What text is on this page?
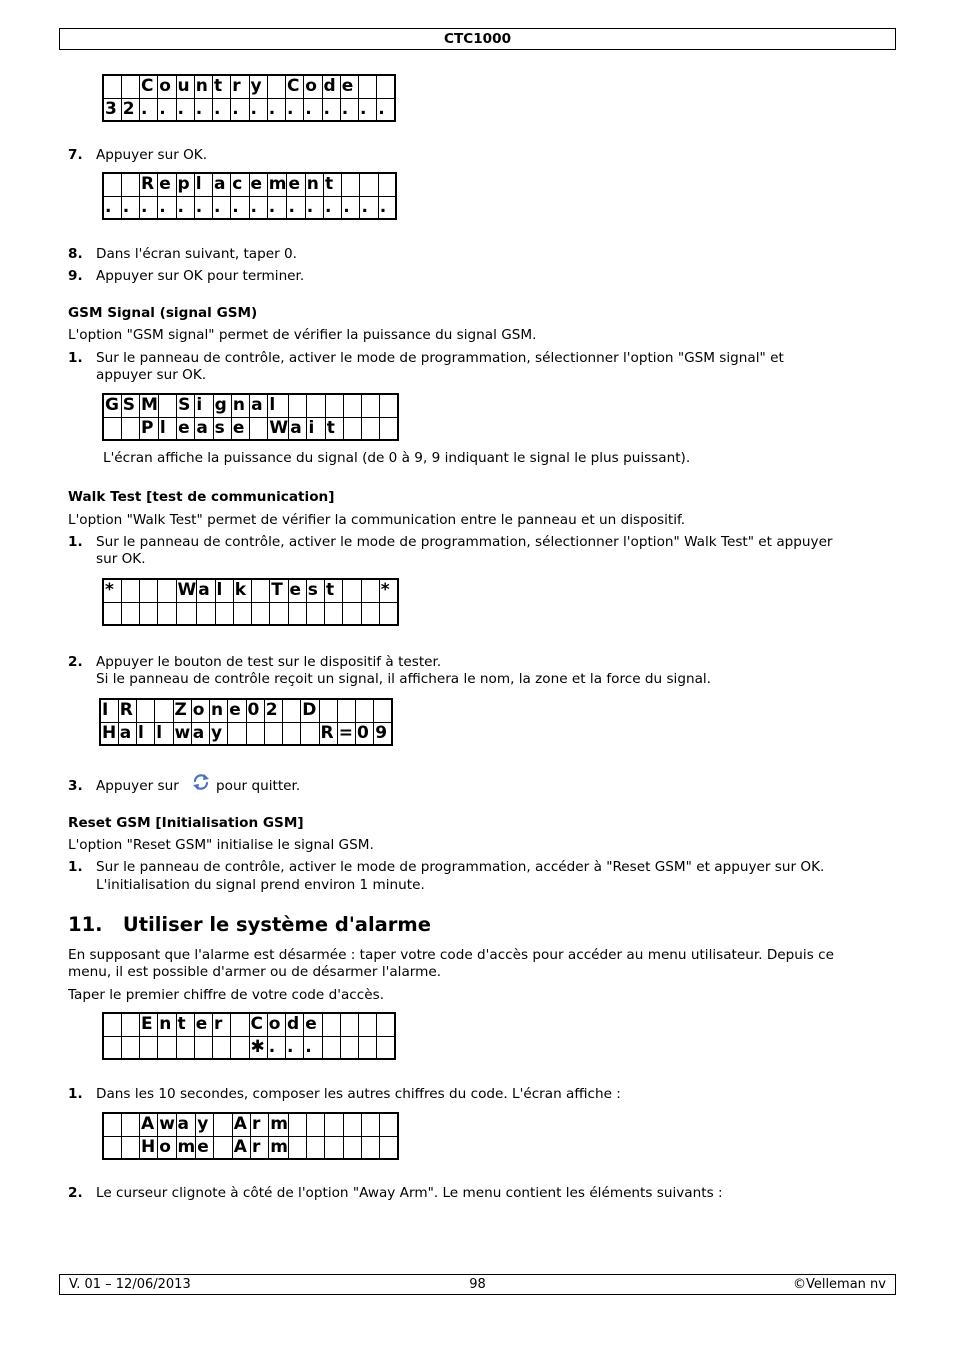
CTC1000
		C	o	u	n	t	r	y		C	o	d	e		
3	2	.	.	.	.	.	.	.	.	.	.	.	.	.	.
7. Appuyer sur OK.
		R	e	p	l	a	c	e	m	e	n	t			
.	.	.	.	.	.	.	.	.	.	.	.	.	.	.	.
8. Dans l'écran suivant, taper 0.
9. Appuyer sur OK pour terminer.
GSM Signal (signal GSM)
L'option "GSM signal" permet de vérifier la puissance du signal GSM.
1. Sur le panneau de contrôle, activer le mode de programmation, sélectionner l'option "GSM signal" et
appuyer sur OK.
G	S	M		S	i	g	n	a	l						
		P	l	e	a	s	e		W	a	i	t			
L'écran affiche la puissance du signal (de 0 à 9, 9 indiquant le signal le plus puissant).
Walk Test [test de communication]
L'option "Walk Test" permet de vérifier la communication entre le panneau et un dispositif.
1. Sur le panneau de contrôle, activer le mode de programmation, sélectionner l'option" Walk Test" et appuyer
sur OK.
*				W	a	l	k		T	e	s	t			*

2. Appuyer le bouton de test sur le dispositif à tester.
Si le panneau de contrôle reçoit un signal, il affichera le nom, la zone et la force du signal.
I	R			Z	o	n	e	0	2		D				
H	a	l	l	w	a	y						R	=	0	9
3. Appuyer sur	pour quitter.
Reset GSM [Initialisation GSM]
L'option "Reset GSM" initialise le signal GSM.
1. Sur le panneau de contrôle, activer le mode de programmation, accéder à "Reset GSM" et appuyer sur OK.
L'initialisation du signal prend environ 1 minute.
11.   Utiliser le système d'alarme
En supposant que l'alarme est désarmée : taper votre code d'accès pour accéder au menu utilisateur. Depuis ce
menu, il est possible d'armer ou de désarmer l'alarme.
Taper le premier chiffre de votre code d'accès.
		E	n	t	e	r		C	o	d	e				
								✱	.	.	.				
1. Dans les 10 secondes, composer les autres chiffres du code. L'écran affiche :
		A	w	a	y		A	r	m						
		H	o	m	e		A	r	m						
2. Le curseur clignote à côté de l'option "Away Arm". Le menu contient les éléments suivants :
V. 01 – 12/06/2013	98	©Velleman nv
